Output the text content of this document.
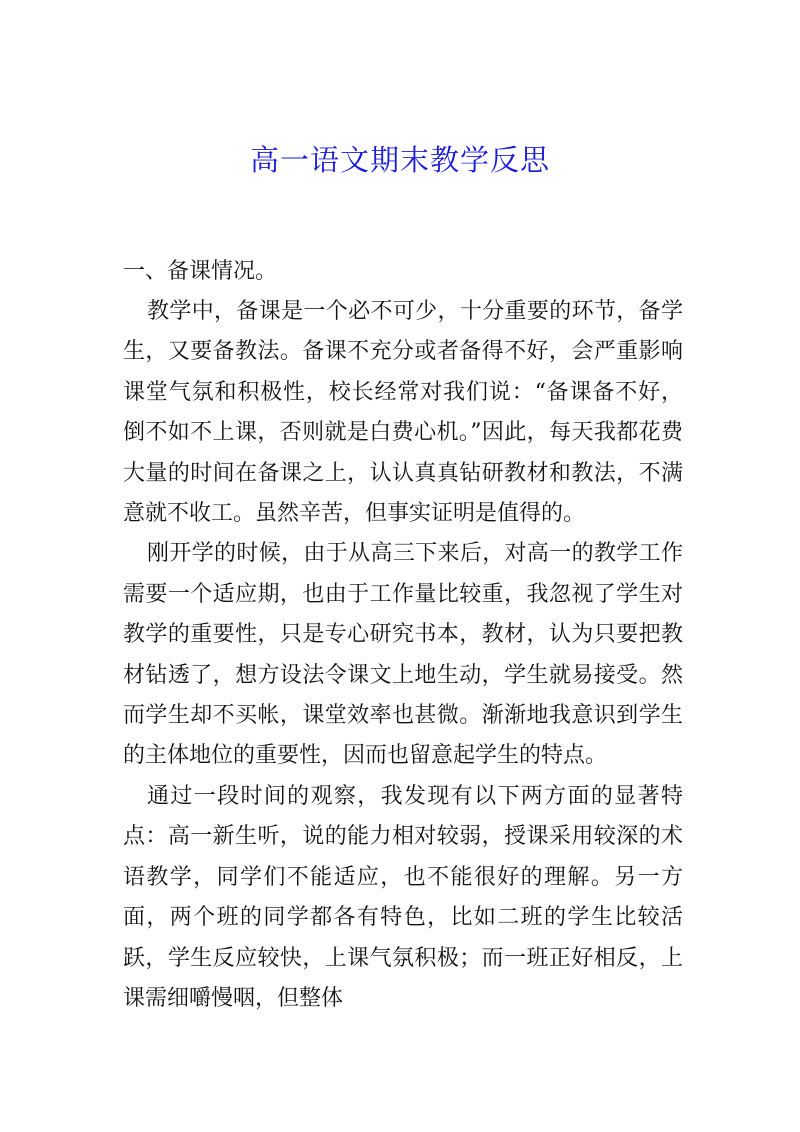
高一语文期末教学反思

一、备课情况。

教学中，备课是一个必不可少，十分重要的环节，备学生，又要备教法。备课不充分或者备得不好，会严重影响课堂气氛和积极性，校长经常对我们说：“备课备不好，倒不如不上课，否则就是白费心机。”因此，每天我都花费大量的时间在备课之上，认认真真钻研教材和教法，不满意就不收工。虽然辛苦，但事实证明是值得的。

刚开学的时候，由于从高三下来后，对高一的教学工作需要一个适应期，也由于工作量比较重，我忽视了学生对教学的重要性，只是专心研究书本，教材，认为只要把教材钻透了，想方设法令课文上地生动，学生就易接受。然而学生却不买帐，课堂效率也甚微。渐渐地我意识到学生的主体地位的重要性，因而也留意起学生的特点。

通过一段时间的观察，我发现有以下两方面的显著特点：高一新生听，说的能力相对较弱，授课采用较深的术语教学，同学们不能适应，也不能很好的理解。另一方面，两个班的同学都各有特色，比如二班的学生比较活跃，学生反应较快，上课气氛积极；而一班正好相反，上课需细嚼慢咽，但整体
